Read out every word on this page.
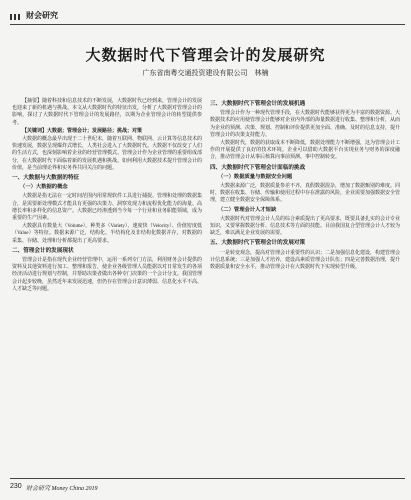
财会研究
大数据时代下管理会计的发展研究
广东省南粤交通投资建设有限公司　林楠

【摘要】随着科技和信息技术的不断发展，大数据时代已经到来，管理会计的发展也迎来了新的机遇与挑战。本文从大数据时代的特征出发，分析了大数据对管理会计的影响，探讨了大数据时代下管理会计的发展路径，以期为企业管理会计的转型提供参考。

【关键词】大数据；管理会计；发展路径；挑战；对策

大数据的概念最早出现于二十世纪末，随着互联网、物联网、云计算等信息技术的快速发展，数据呈现爆炸式增长，人类社会进入了大数据时代。大数据不仅改变了人们的生活方式，也深刻影响着企业的经营管理模式。管理会计作为企业管理的重要组成部分，在大数据时代下面临着新的发展机遇和挑战。如何利用大数据技术提升管理会计的价值，是当前理论界和实务界共同关注的问题。

一、大数据与大数据的特征
（一）大数据的概念

大数据是指无法在一定时间范围内用常规软件工具进行捕捉、管理和处理的数据集合，是需要新处理模式才能具有更强的决策力、洞察发现力和流程优化能力的海量、高增长率和多样化的信息资产。大数据已经渗透到当今每一个行业和业务职能领域，成为重要的生产因素。

大数据具有数量大（Volume）、种类多（Variety）、速度快（Velocity）、价值密度低（Value）等特征。数据来源广泛，结构化、半结构化及非结构化数据并存，对数据的采集、存储、处理和分析都提出了更高要求。

二、管理会计的发展现状

管理会计是指在现代企业经营管理中，运用一系列专门方法，利用财务会计提供的资料及其他资料进行加工、整理和报告，使企业各级管理人员能据以对日常发生的各项经济活动进行规划与控制，并帮助决策者做出各种专门决策的一个会计分支。我国管理会计起步较晚，虽然近年来发展迅速，但仍存在管理会计意识薄弱、信息化水平不高、人才缺乏等问题。

三、大数据时代下管理会计的发展机遇

管理会计作为一种现代管理手段，在大数据时代能够获得更为丰富的数据资源。大数据技术的应用使管理会计能够对企业内外部的海量数据进行收集、整理和分析，从而为企业的预测、决策、规划、控制和评价提供更加全面、准确、及时的信息支持，提升管理会计的决策支持能力。

大数据时代，数据的获取成本不断降低，数据处理能力不断增强，这为管理会计工作的开展提供了良好的技术环境。企业可以借助大数据平台实现业务与财务的深度融合，推动管理会计从事后核算向事前预测、事中控制转变。

四、大数据时代下管理会计面临的挑战
（一）数据质量与数据安全问题

大数据来源广泛，数据质量参差不齐，真假数据混杂，增加了数据甄别的难度。同时，数据在收集、存储、传输和使用过程中存在泄露的风险，企业需要加强数据安全管理，建立健全数据安全保障体系。

（二）管理会计人才短缺

大数据时代对管理会计人员的综合素质提出了更高要求，既要具备扎实的会计专业知识，又要掌握数据分析、信息技术等方面的技能。目前我国复合型管理会计人才较为缺乏，难以满足企业发展的需要。

五、大数据时代下管理会计的发展对策

一是转变观念，提高对管理会计重要性的认识；二是加强信息化建设，构建管理会计信息系统；三是加强人才培养，建设高素质管理会计队伍；四是完善数据治理，提升数据质量和安全水平，推动管理会计在大数据时代下实现转型升级。

230 财会研究 Money China 2019
